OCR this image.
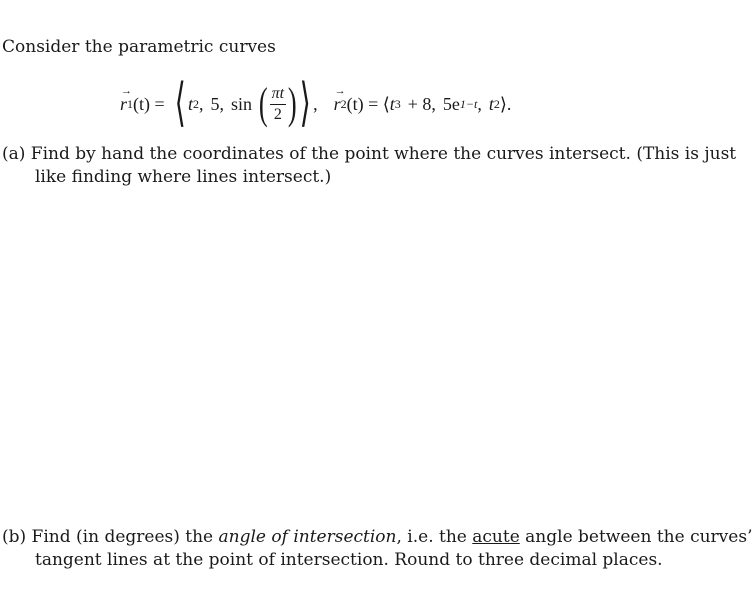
Consider the parametric curves
→
r 1 (t) = ⟨ t 2 , 5, sin ( $\frac{\pi t}{2}$ ) ⟩ ,
→
r 2 (t) = ⟨ t 3 + 8, 5e 1−t , t 2 ⟩.
(a) Find by hand the coordinates of the point where the curves intersect. (This is just
like finding where lines intersect.)
(b) Find (in degrees) the angle of intersection, i.e. the acute angle between the curves’
tangent lines at the point of intersection. Round to three decimal places.
